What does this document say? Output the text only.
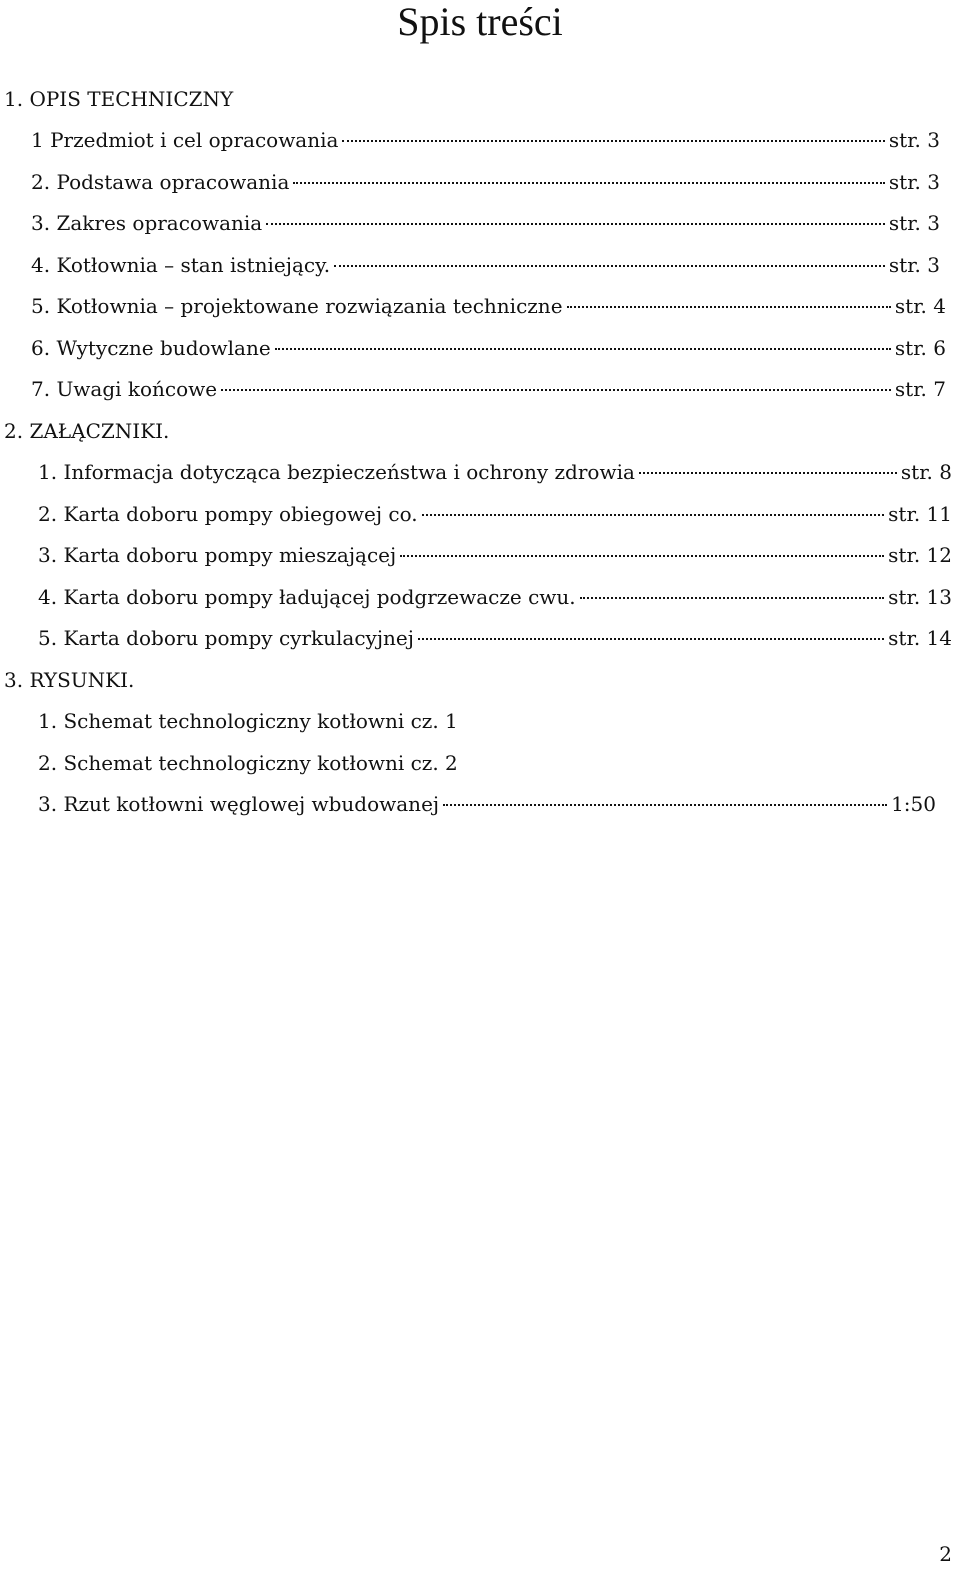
Spis treści
1. OPIS TECHNICZNY
1 Przedmiot i cel opracowania	str. 3
2. Podstawa opracowania	str. 3
3. Zakres opracowania	str. 3
4. Kotłownia – stan istniejący.	str. 3
5. Kotłownia – projektowane rozwiązania techniczne	str. 4
6. Wytyczne budowlane	str. 6
7. Uwagi końcowe	str. 7
2. ZAŁĄCZNIKI.
1. Informacja dotycząca bezpieczeństwa i ochrony zdrowia	str. 8
2. Karta doboru pompy obiegowej co.	str. 11
3. Karta doboru pompy mieszającej	str. 12
4. Karta doboru pompy ładującej podgrzewacze cwu.	str. 13
5. Karta doboru pompy cyrkulacyjnej	str. 14
3. RYSUNKI.
1. Schemat technologiczny kotłowni cz. 1
2. Schemat technologiczny kotłowni cz. 2
3. Rzut kotłowni węglowej wbudowanej	1:50
2
